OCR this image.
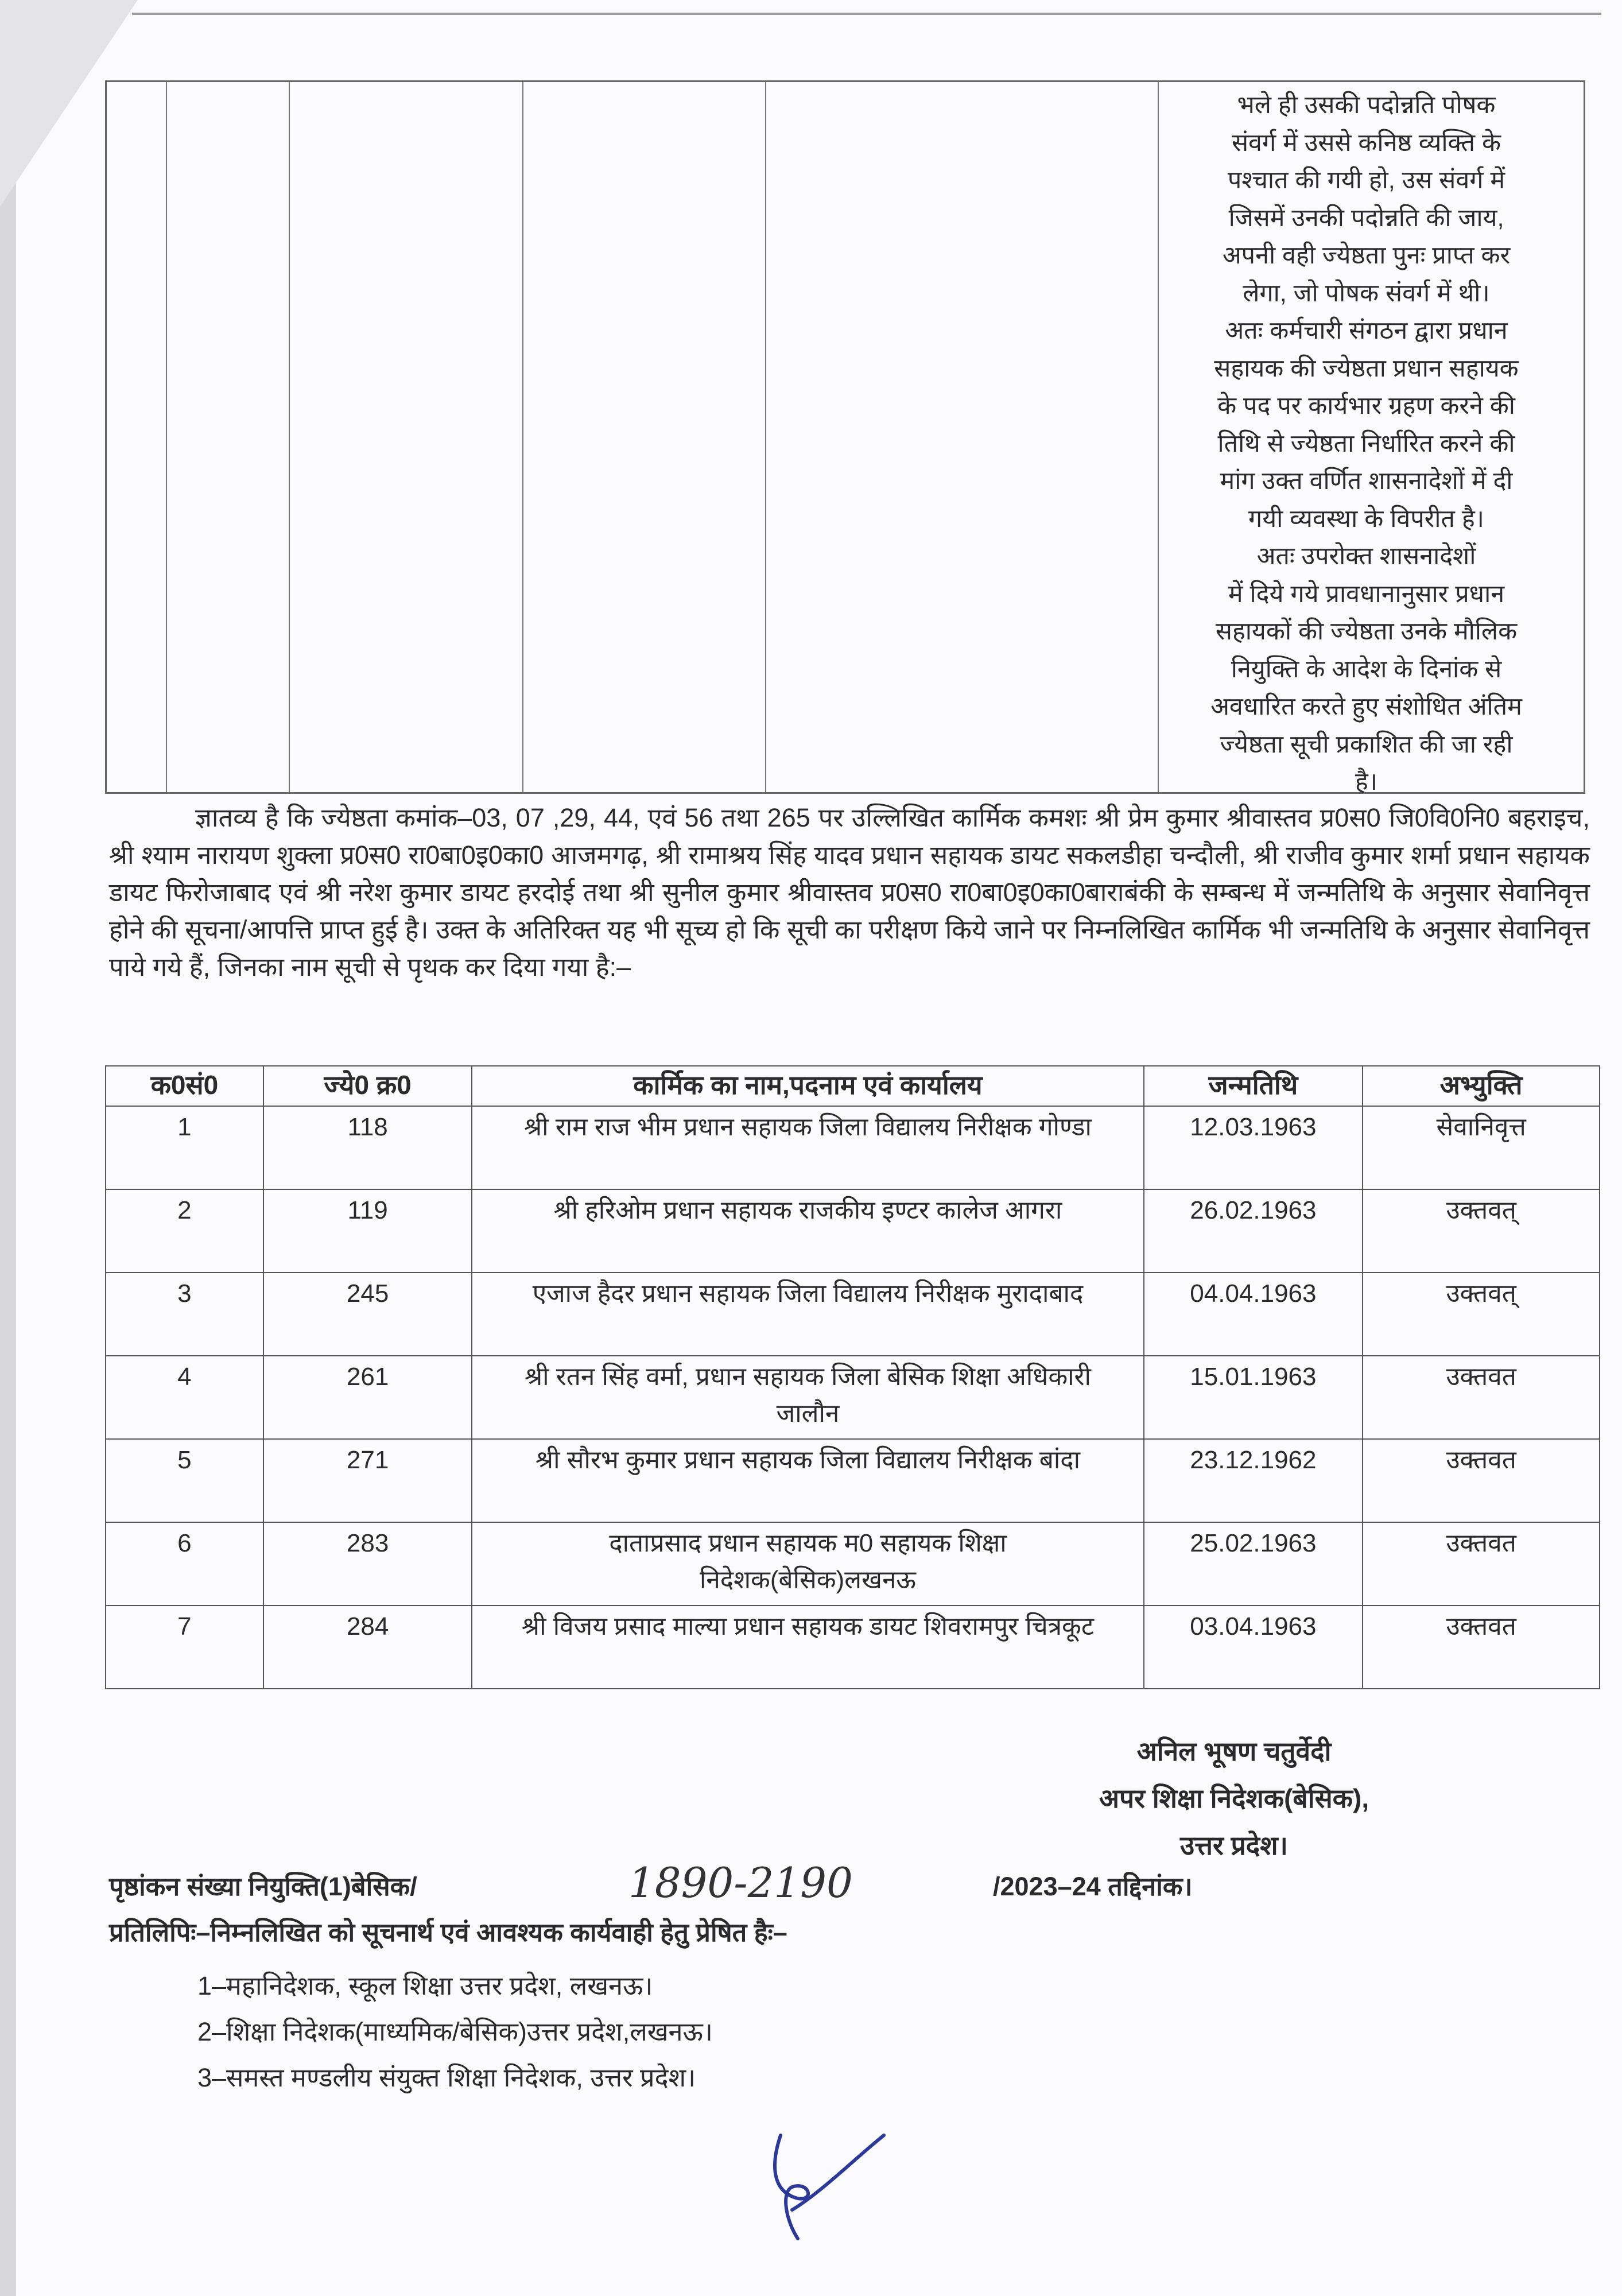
भले ही उसकी पदोन्नति पोषक

संवर्ग में उससे कनिष्ठ व्यक्ति के

पश्चात की गयी हो, उस संवर्ग में

जिसमें उनकी पदोन्नति की जाय,

अपनी वही ज्येष्ठता पुनः प्राप्त कर

लेगा, जो पोषक संवर्ग में थी।

अतः कर्मचारी संगठन द्वारा प्रधान

सहायक की ज्येष्ठता प्रधान सहायक

के पद पर कार्यभार ग्रहण करने की

तिथि से ज्येष्ठता निर्धारित करने की

मांग उक्त वर्णित शासनादेशों में दी

गयी व्यवस्था के विपरीत है।

अतः उपरोक्त शासनादेशों

में दिये गये प्रावधानानुसार प्रधान

सहायकों की ज्येष्ठता उनके मौलिक

नियुक्ति के आदेश के दिनांक से

अवधारित करते हुए संशोधित अंतिम

ज्येष्ठता सूची प्रकाशित की जा रही

है।

ज्ञातव्य है कि ज्येष्ठता कमांक–03, 07 ,29, 44, एवं 56 तथा 265 पर उल्लिखित कार्मिक कमशः श्री प्रेम कुमार श्रीवास्तव प्र0स0 जि0वि0नि0 बहराइच, श्री श्याम नारायण शुक्ला प्र0स0 रा0बा0इ0का0 आजमगढ़, श्री रामाश्रय सिंह यादव प्रधान सहायक डायट सकलडीहा चन्दौली, श्री राजीव कुमार शर्मा प्रधान सहायक डायट फिरोजाबाद एवं श्री नरेश कुमार डायट हरदोई तथा श्री सुनील कुमार श्रीवास्तव प्र0स0 रा0बा0इ0का0बाराबंकी के सम्बन्ध में जन्मतिथि के अनुसार सेवानिवृत्त होने की सूचना/आपत्ति प्राप्त हुई है। उक्त के अतिरिक्त यह भी सूच्य हो कि सूची का परीक्षण किये जाने पर निम्नलिखित कार्मिक भी जन्मतिथि के अनुसार सेवानिवृत्त पाये गये हैं, जिनका नाम सूची से पृथक कर दिया गया है:–

क0सं0	ज्ये0 क्र0	कार्मिक का नाम,पदनाम एवं कार्यालय	जन्मतिथि	अभ्युक्ति
1	118	श्री राम राज भीम प्रधान सहायक जिला विद्यालय निरीक्षक गोण्डा	12.03.1963	सेवानिवृत्त
2	119	श्री हरिओम प्रधान सहायक राजकीय इण्टर कालेज आगरा	26.02.1963	उक्तवत्
3	245	एजाज हैदर प्रधान सहायक जिला विद्यालय निरीक्षक मुरादाबाद	04.04.1963	उक्तवत्
4	261	श्री रतन सिंह वर्मा, प्रधान सहायक जिला बेसिक शिक्षा अधिकारी जालौन	15.01.1963	उक्तवत
5	271	श्री सौरभ कुमार प्रधान सहायक जिला विद्यालय निरीक्षक बांदा	23.12.1962	उक्तवत
6	283	दाताप्रसाद प्रधान सहायक म0 सहायक शिक्षा निदेशक(बेसिक)लखनऊ	25.02.1963	उक्तवत
7	284	श्री विजय प्रसाद माल्या प्रधान सहायक डायट शिवरामपुर चित्रकूट	03.04.1963	उक्तवत
अनिल भूषण चतुर्वेदी
अपर शिक्षा निदेशक(बेसिक),
उत्तर प्रदेश।
पृष्ठांकन संख्या नियुक्ति(1)बेसिक/	1890-2190	/2023–24 तद्दिनांक।
प्रतिलिपिः–निम्नलिखित को सूचनार्थ एवं आवश्यक कार्यवाही हेतु प्रेषित हैः–
1–महानिदेशक, स्कूल शिक्षा उत्तर प्रदेश, लखनऊ।
2–शिक्षा निदेशक(माध्यमिक/बेसिक)उत्तर प्रदेश,लखनऊ।
3–समस्त मण्डलीय संयुक्त शिक्षा निदेशक, उत्तर प्रदेश।
